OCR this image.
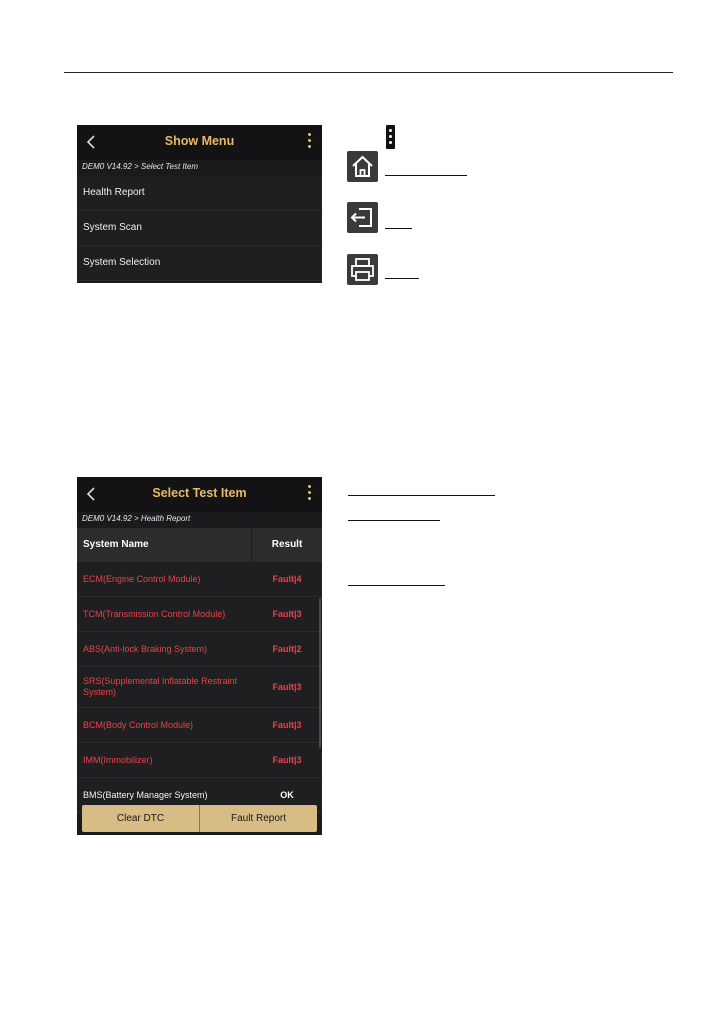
Show Menu
DEM0 V14.92 > Select Test Item
Health Report
System Scan
System Selection
Select Test Item
DEM0 V14.92 > Health Report
System Name	Result
ECM(Engine Control Module)	Fault|4
TCM(Transmission Control Module)	Fault|3
ABS(Anti-lock Braking System)	Fault|2
SRS(Supplemental Inflatable Restraint System)	Fault|3
BCM(Body Control Module)	Fault|3
IMM(Immobilizer)	Fault|3
BMS(Battery Manager System)	OK
Clear DTC	Fault Report
